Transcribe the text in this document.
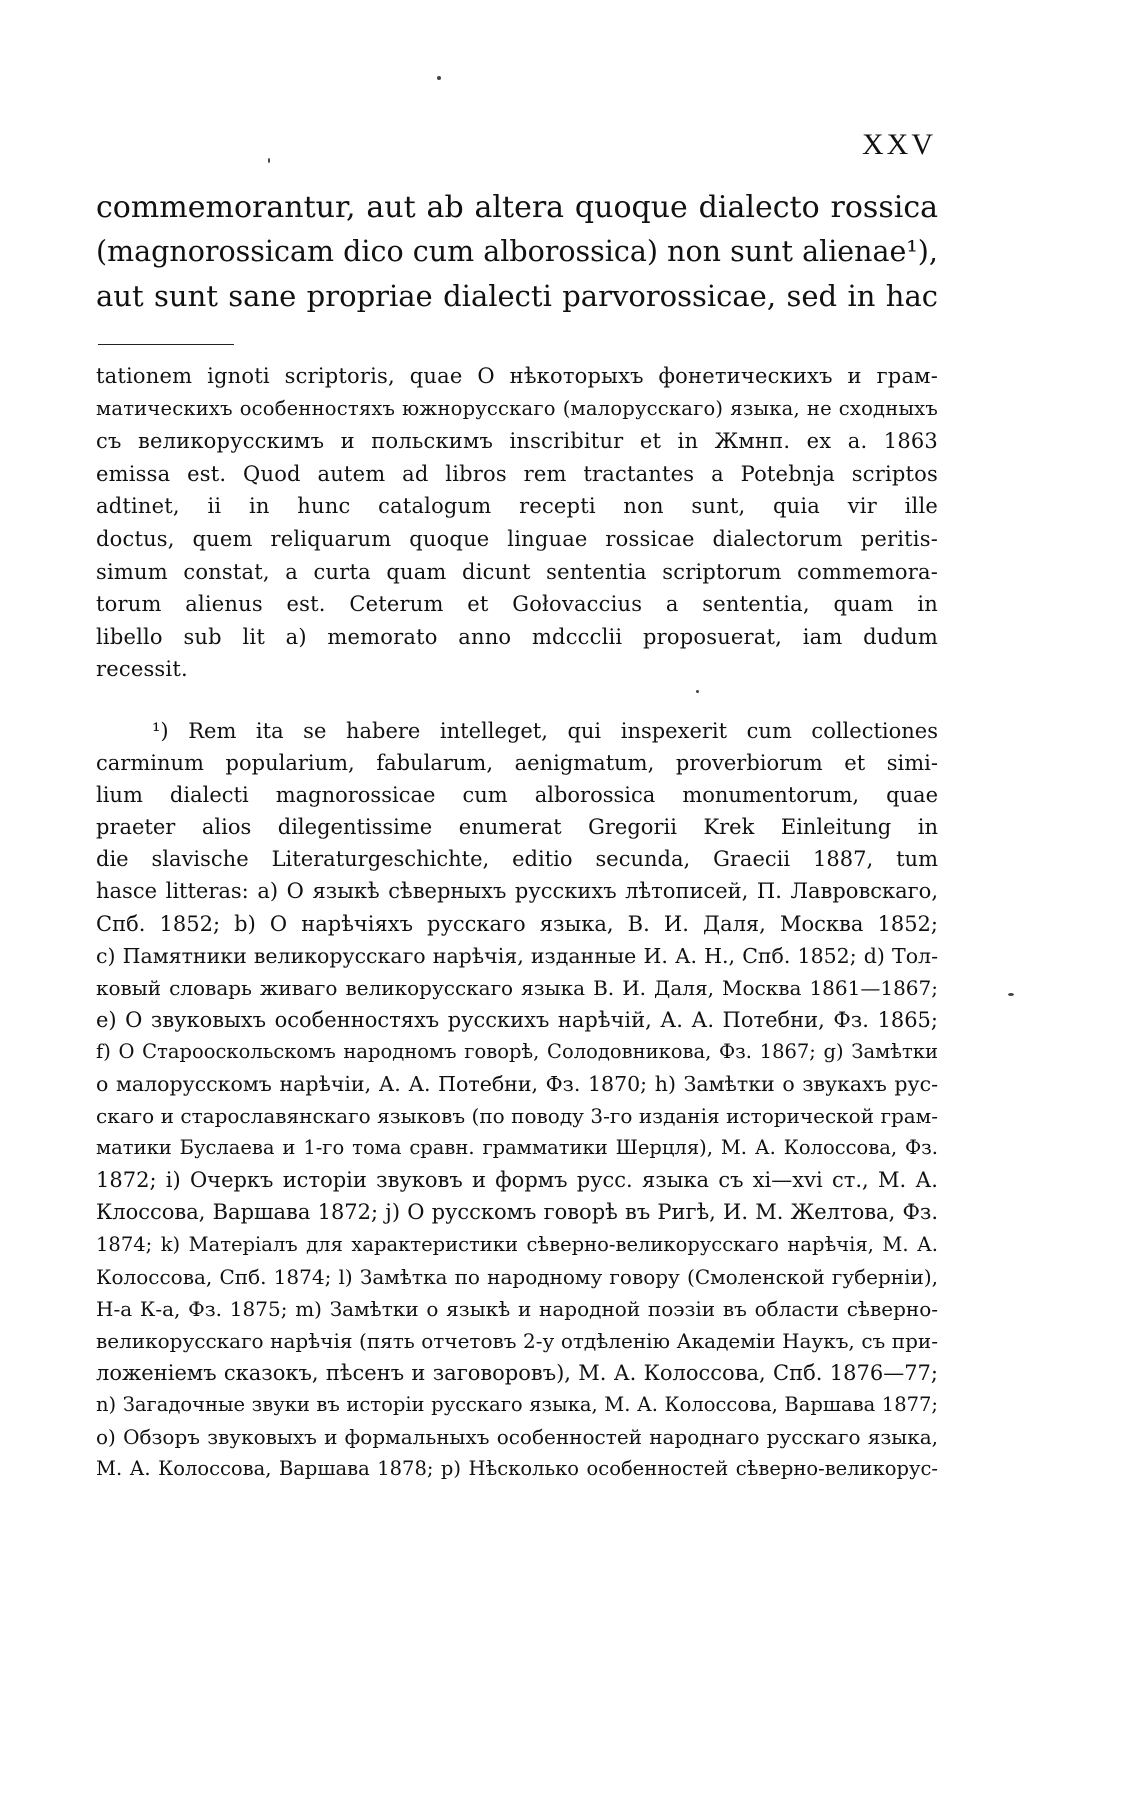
XXV
commemorantur, aut ab altera quoque dialecto rossica
(magnorossicam dico cum alborossica) non sunt alienae¹),
aut sunt sane propriae dialecti parvorossicae, sed in hac
tationem ignoti scriptoris, quae O нѣкоторыхъ фонетическихъ и грам-
матическихъ особенностяхъ южнорусскаго (малорусскаго) языка, не сходныхъ
съ великорусскимъ и польскимъ inscribitur et in Жмнп. ex a. 1863
emissa est. Quod autem ad libros rem tractantes a Potebnja scriptos
adtinet, ii in hunc catalogum recepti non sunt, quia vir ille
doctus, quem reliquarum quoque linguae rossicae dialectorum peritis-
simum constat, a curta quam dicunt sententia scriptorum commemora-
torum alienus est. Ceterum et Gołovaccius a sententia, quam in
libello sub lit a) memorato anno mdccclii proposuerat, iam dudum
recessit.
¹) Rem ita se habere intelleget, qui inspexerit cum collectiones
carminum popularium, fabularum, aenigmatum, proverbiorum et simi-
lium dialecti magnorossicae cum alborossica monumentorum, quae
praeter alios dilegentissime enumerat Gregorii Krek Einleitung in
die slavische Literaturgeschichte, editio secunda, Graecii 1887, tum
hasce litteras: a) О языкѣ сѣверныхъ русскихъ лѣтописей, П. Лавровскаго,
Спб. 1852; b) О нарѣчіяхъ русскаго языка, В. И. Даля, Москва 1852;
c) Памятники великорусскаго нарѣчія, изданные И. А. Н., Спб. 1852; d) Тол-
ковый словарь живаго великорусскаго языка В. И. Даля, Москва 1861—1867;
e) О звуковыхъ особенностяхъ русскихъ нарѣчій, А. А. Потебни, Фз. 1865;
f) О Старооскольскомъ народномъ говорѣ, Солодовникова, Фз. 1867; g) Замѣтки
о малорусскомъ нарѣчіи, А. А. Потебни, Фз. 1870; h) Замѣтки о звукахъ рус-
скаго и старославянскаго языковъ (по поводу 3-го изданія исторической грам-
матики Буслаева и 1-го тома сравн. грамматики Шерцля), М. А. Колоссова, Фз.
1872; i) Очеркъ исторіи звуковъ и формъ русс. языка съ xi—xvi ст., М. А.
Клоссова, Варшава 1872; j) О русскомъ говорѣ въ Ригѣ, И. М. Желтова, Фз.
1874; k) Матеріалъ для характеристики сѣверно-великорусскаго нарѣчія, М. А.
Колоссова, Спб. 1874; l) Замѣтка по народному говору (Смоленской губерніи),
Н-а К-а, Фз. 1875; m) Замѣтки о языкѣ и народной поэзіи въ области сѣверно-
великорусскаго нарѣчія (пять отчетовъ 2-у отдѣленію Академіи Наукъ, съ при-
ложеніемъ сказокъ, пѣсенъ и заговоровъ), М. А. Колоссова, Спб. 1876—77;
n) Загадочные звуки въ исторіи русскаго языка, М. А. Колоссова, Варшава 1877;
o) Обзоръ звуковыхъ и формальныхъ особенностей народнаго русскаго языка,
М. А. Колоссова, Варшава 1878; p) Нѣсколько особенностей сѣверно-великорус-
